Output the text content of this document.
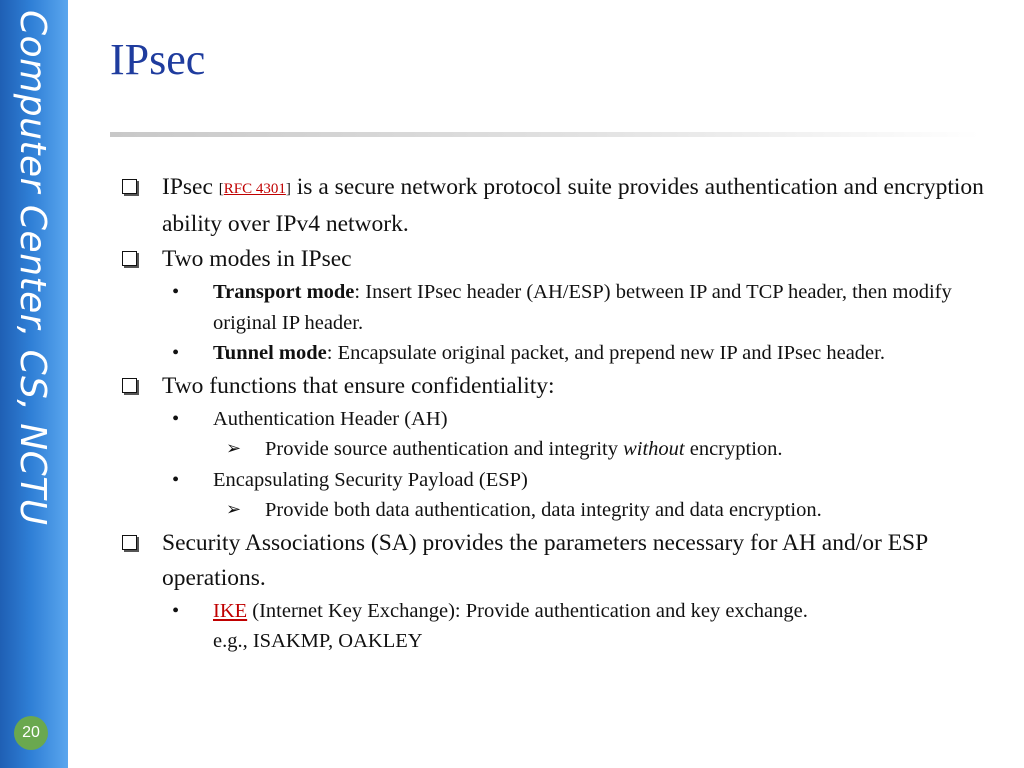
Computer Center, CS, NCTU
20
IPsec
IPsec [RFC 4301] is a secure network protocol suite provides authentication and encryption ability over IPv4 network.
Two modes in IPsec
• Transport mode: Insert IPsec header (AH/ESP) between IP and TCP header, then modify original IP header.
• Tunnel mode: Encapsulate original packet, and prepend new IP and IPsec header.
Two functions that ensure confidentiality:
• Authentication Header (AH)
➢ Provide source authentication and integrity without encryption.
• Encapsulating Security Payload (ESP)
➢ Provide both data authentication, data integrity and data encryption.
Security Associations (SA) provides the parameters necessary for AH and/or ESP operations.
• IKE (Internet Key Exchange): Provide authentication and key exchange.
e.g., ISAKMP, OAKLEY
